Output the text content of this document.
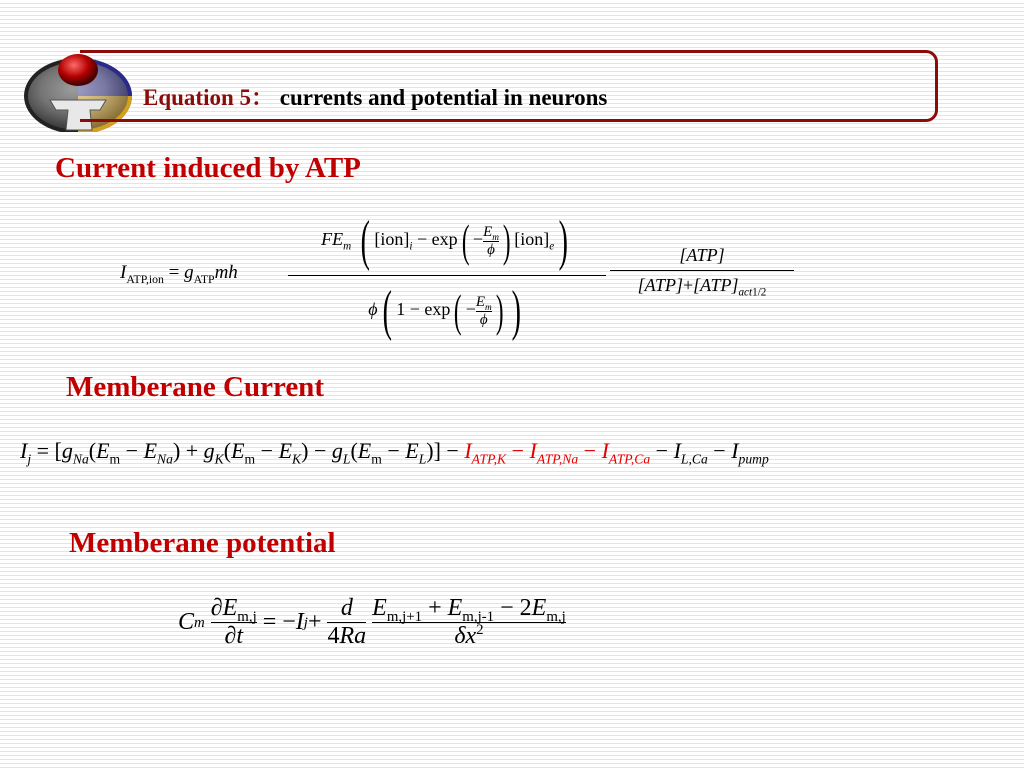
Equation 5： currents and potential in neurons
Current induced by ATP
Memberane Current
Memberane potential
$I_{ATP,ion} = g_{ATP}mh$
$FE_m$ ( $[ion]_i - \exp( - \frac{E_m}{\phi}$ ) $[ion]_e$)
ϕ( $1 - \exp( - \frac{E_m}{\phi}$ ) )
[ATP]
$[ATP]+[ATP]_{act1/2}$
$I_j = [g_{Na}(E_m - E_{Na}) + g_K(E_m - E_K) - g_L(E_m - E_L)] - I_{ATP,K} - I_{ATP,Na} - I_{ATP,Ca} - I_{L,Ca} - I_{pump}$
C m
$\frac{\partial E_{m,j}}{\partial t}$ = − I $j + \frac{d}{4Ra}$
$\frac{E_{m,j+1} + E_{m,j-1} - 2E_{m,j}}{\delta x^2}$
